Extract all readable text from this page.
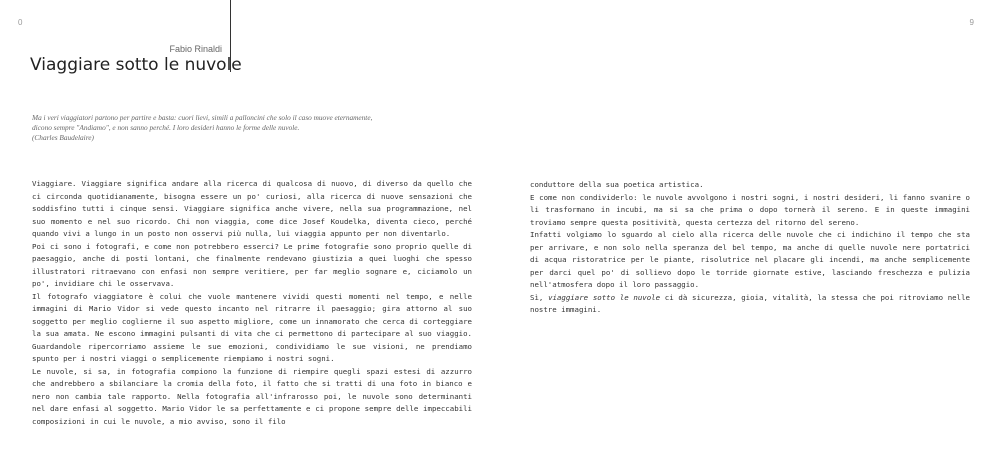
0	9
Fabio Rinaldi
Viaggiare sotto le nuvole

Ma i veri viaggiatori partono per partire e basta: cuori lievi, simili a palloncini che solo il caso muove eternamente,

dicono sempre "Andiamo", e non sanno perché. I loro desideri hanno le forme delle nuvole.

(Charles Baudelaire)

Viaggiare. Viaggiare significa andare alla ricerca di qualcosa di nuovo, di diverso da quello che ci circonda quotidianamente, bisogna essere un po' curiosi, alla ricerca di nuove sensazioni che soddisfino tutti i cinque sensi. Viaggiare significa anche vivere, nella sua programmazione, nel suo momento e nel suo ricordo. Chi non viaggia, come dice Josef Koudelka, diventa cieco, perché quando vivi a lungo in un posto non osservi più nulla, lui viaggia appunto per non diventarlo.

Poi ci sono i fotografi, e come non potrebbero esserci? Le prime fotografie sono proprio quelle di paesaggio, anche di posti lontani, che finalmente rendevano giustizia a quei luoghi che spesso illustratori ritraevano con enfasi non sempre veritiere, per far meglio sognare e, ciciamolo un po', invidiare chi le osservava.

Il fotografo viaggiatore è colui che vuole mantenere vividi questi momenti nel tempo, e nelle immagini di Mario Vidor si vede questo incanto nel ritrarre il paesaggio; gira attorno al suo soggetto per meglio coglierne il suo aspetto migliore, come un innamorato che cerca di corteggiare la sua amata. Ne escono immagini pulsanti di vita che ci permettono di partecipare al suo viaggio. Guardandole ripercorriamo assieme le sue emozioni, condividiamo le sue visioni, ne prendiamo spunto per i nostri viaggi o semplicemente riempiamo i nostri sogni.

Le nuvole, si sa, in fotografia compiono la funzione di riempire quegli spazi estesi di azzurro che andrebbero a sbilanciare la cromia della foto, il fatto che si tratti di una foto in bianco e nero non cambia tale rapporto. Nella fotografia all'infrarosso poi, le nuvole sono determinanti nel dare enfasi al soggetto. Mario Vidor le sa perfettamente e ci propone sempre delle impeccabili composizioni in cui le nuvole, a mio avviso, sono il filo

conduttore della sua poetica artistica.

E come non condividerlo: le nuvole avvolgono i nostri sogni, i nostri desideri, li fanno svanire o li trasformano in incubi, ma si sa che prima o dopo tornerà il sereno. E in queste immagini troviamo sempre questa positività, questa certezza del ritorno del sereno.

Infatti volgiamo lo sguardo al cielo alla ricerca delle nuvole che ci indichino il tempo che sta per arrivare, e non solo nella speranza del bel tempo, ma anche di quelle nuvole nere portatrici di acqua ristoratrice per le piante, risolutrice nel placare gli incendi, ma anche semplicemente per darci quel po' di sollievo dopo le torride giornate estive, lasciando freschezza e pulizia nell'atmosfera dopo il loro passaggio.

Sì, viaggiare sotto le nuvole ci dà sicurezza, gioia, vitalità, la stessa che poi ritroviamo nelle nostre immagini.
